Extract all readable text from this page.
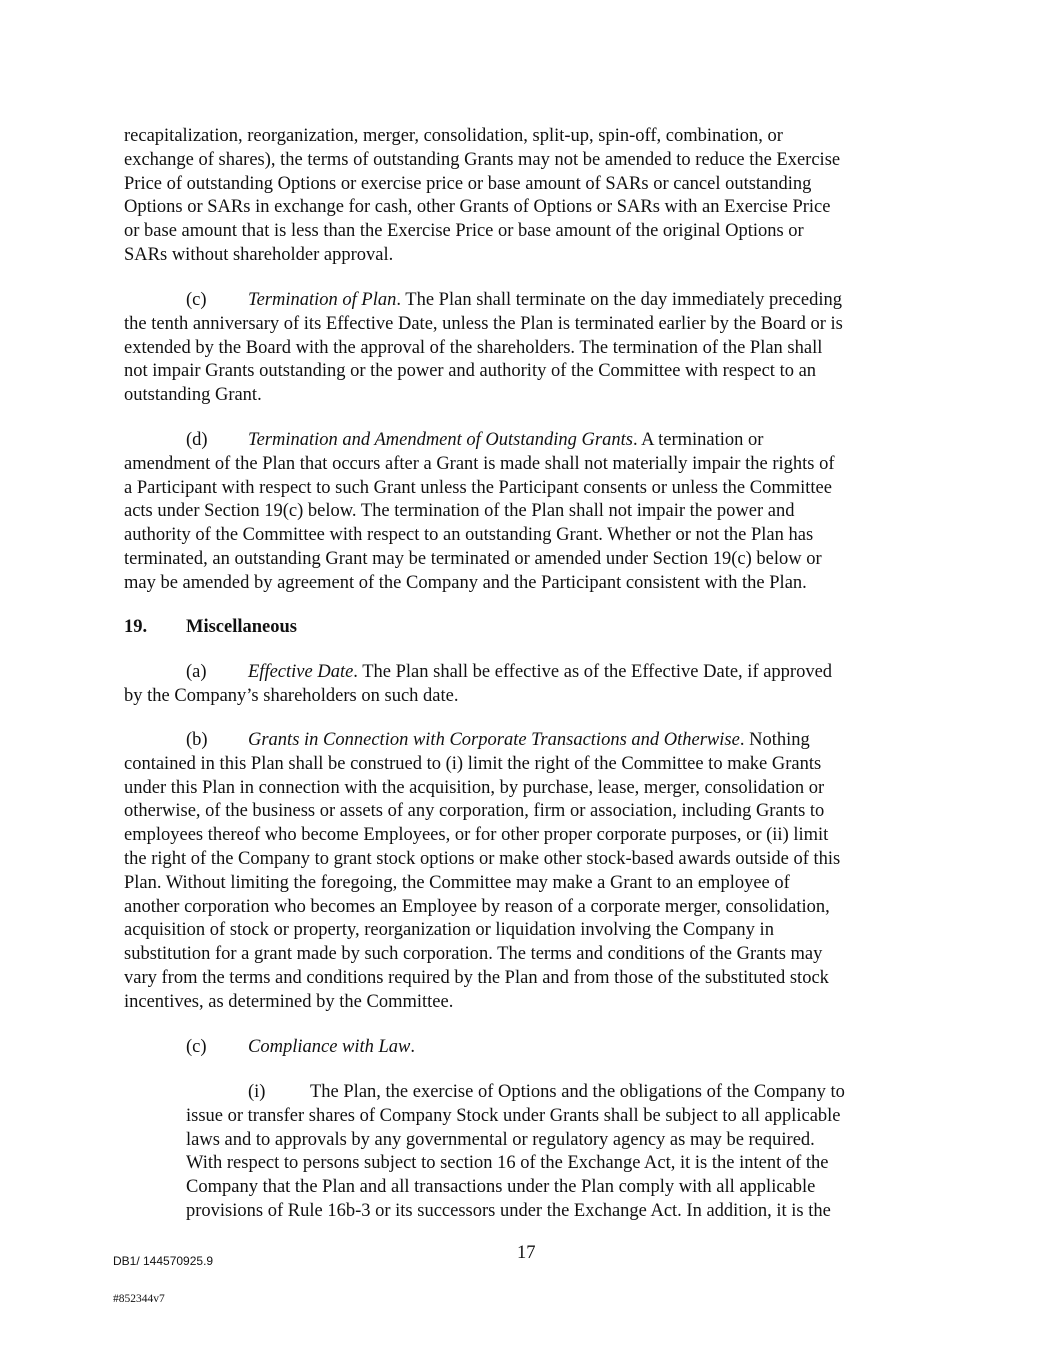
recapitalization, reorganization, merger, consolidation, split-up, spin-off, combination, or
exchange of shares), the terms of outstanding Grants may not be amended to reduce the Exercise
Price of outstanding Options or exercise price or base amount of SARs or cancel outstanding
Options or SARs in exchange for cash, other Grants of Options or SARs with an Exercise Price
or base amount that is less than the Exercise Price or base amount of the original Options or
SARs without shareholder approval.
(c) Termination of Plan. The Plan shall terminate on the day immediately preceding
the tenth anniversary of its Effective Date, unless the Plan is terminated earlier by the Board or is
extended by the Board with the approval of the shareholders. The termination of the Plan shall
not impair Grants outstanding or the power and authority of the Committee with respect to an
outstanding Grant.
(d) Termination and Amendment of Outstanding Grants. A termination or
amendment of the Plan that occurs after a Grant is made shall not materially impair the rights of
a Participant with respect to such Grant unless the Participant consents or unless the Committee
acts under Section 19(c) below. The termination of the Plan shall not impair the power and
authority of the Committee with respect to an outstanding Grant. Whether or not the Plan has
terminated, an outstanding Grant may be terminated or amended under Section 19(c) below or
may be amended by agreement of the Company and the Participant consistent with the Plan.
19. Miscellaneous
(a) Effective Date. The Plan shall be effective as of the Effective Date, if approved
by the Company’s shareholders on such date.
(b) Grants in Connection with Corporate Transactions and Otherwise. Nothing
contained in this Plan shall be construed to (i) limit the right of the Committee to make Grants
under this Plan in connection with the acquisition, by purchase, lease, merger, consolidation or
otherwise, of the business or assets of any corporation, firm or association, including Grants to
employees thereof who become Employees, or for other proper corporate purposes, or (ii) limit
the right of the Company to grant stock options or make other stock-based awards outside of this
Plan. Without limiting the foregoing, the Committee may make a Grant to an employee of
another corporation who becomes an Employee by reason of a corporate merger, consolidation,
acquisition of stock or property, reorganization or liquidation involving the Company in
substitution for a grant made by such corporation. The terms and conditions of the Grants may
vary from the terms and conditions required by the Plan and from those of the substituted stock
incentives, as determined by the Committee.
(c) Compliance with Law.
(i) The Plan, the exercise of Options and the obligations of the Company to
issue or transfer shares of Company Stock under Grants shall be subject to all applicable
laws and to approvals by any governmental or regulatory agency as may be required.
With respect to persons subject to section 16 of the Exchange Act, it is the intent of the
Company that the Plan and all transactions under the Plan comply with all applicable
provisions of Rule 16b-3 or its successors under the Exchange Act. In addition, it is the
DB1/ 144570925.9	17
#852344v7
